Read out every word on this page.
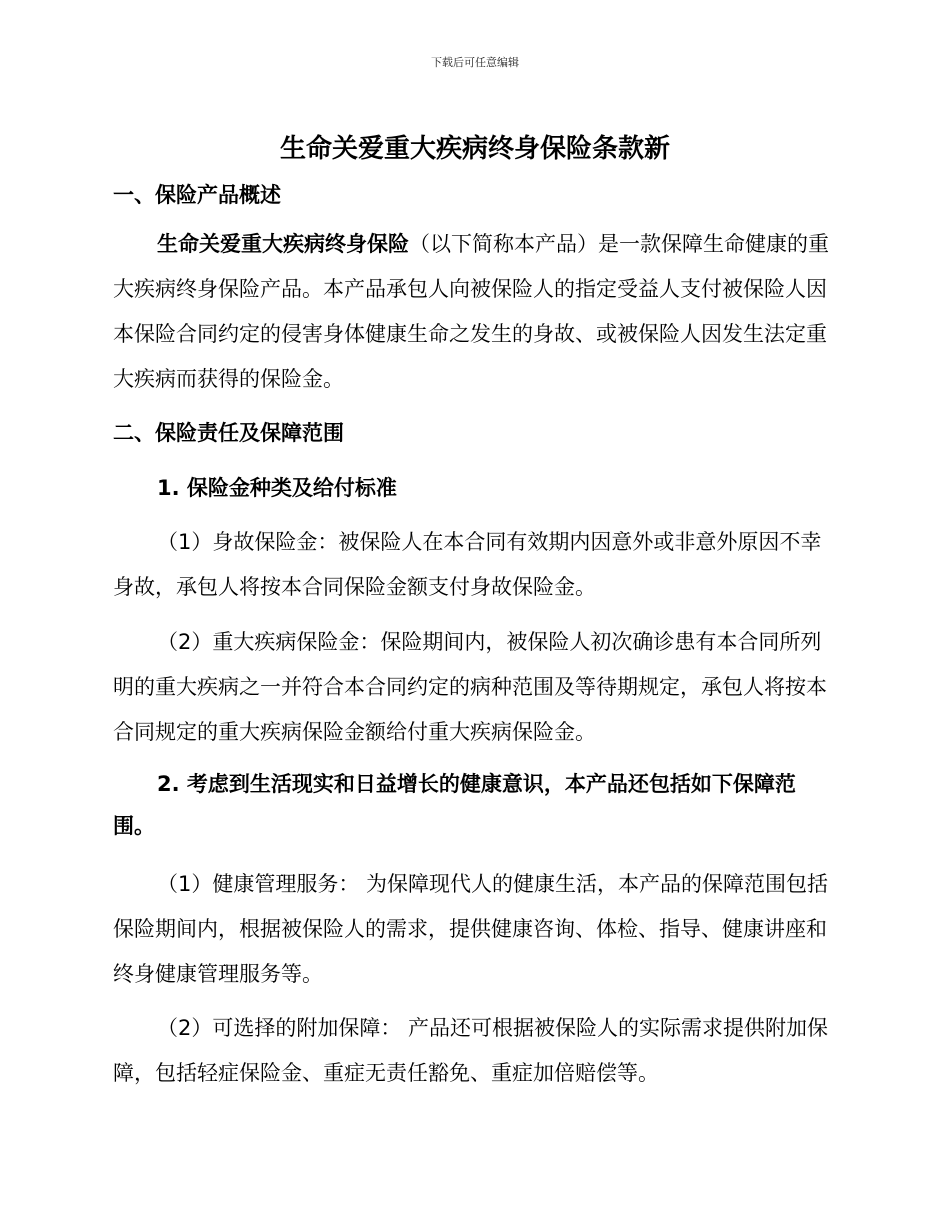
下载后可任意编辑
生命关爱重大疾病终身保险条款新

一、保险产品概述

生命关爱重大疾病终身保险（以下简称本产品）是一款保障生命健康的重大疾病终身保险产品。本产品承包人向被保险人的指定受益人支付被保险人因本保险合同约定的侵害身体健康生命之发生的身故、或被保险人因发生法定重大疾病而获得的保险金。

二、保险责任及保障范围

1. 保险金种类及给付标准

（1）身故保险金：被保险人在本合同有效期内因意外或非意外原因不幸身故，承包人将按本合同保险金额支付身故保险金。

（2）重大疾病保险金：保险期间内，被保险人初次确诊患有本合同所列明的重大疾病之一并符合本合同约定的病种范围及等待期规定，承包人将按本合同规定的重大疾病保险金额给付重大疾病保险金。

2. 考虑到生活现实和日益增长的健康意识，本产品还包括如下保障范围。

（1）健康管理服务： 为保障现代人的健康生活，本产品的保障范围包括保险期间内，根据被保险人的需求，提供健康咨询、体检、指导、健康讲座和终身健康管理服务等。

（2）可选择的附加保障： 产品还可根据被保险人的实际需求提供附加保障，包括轻症保险金、重症无责任豁免、重症加倍赔偿等。
